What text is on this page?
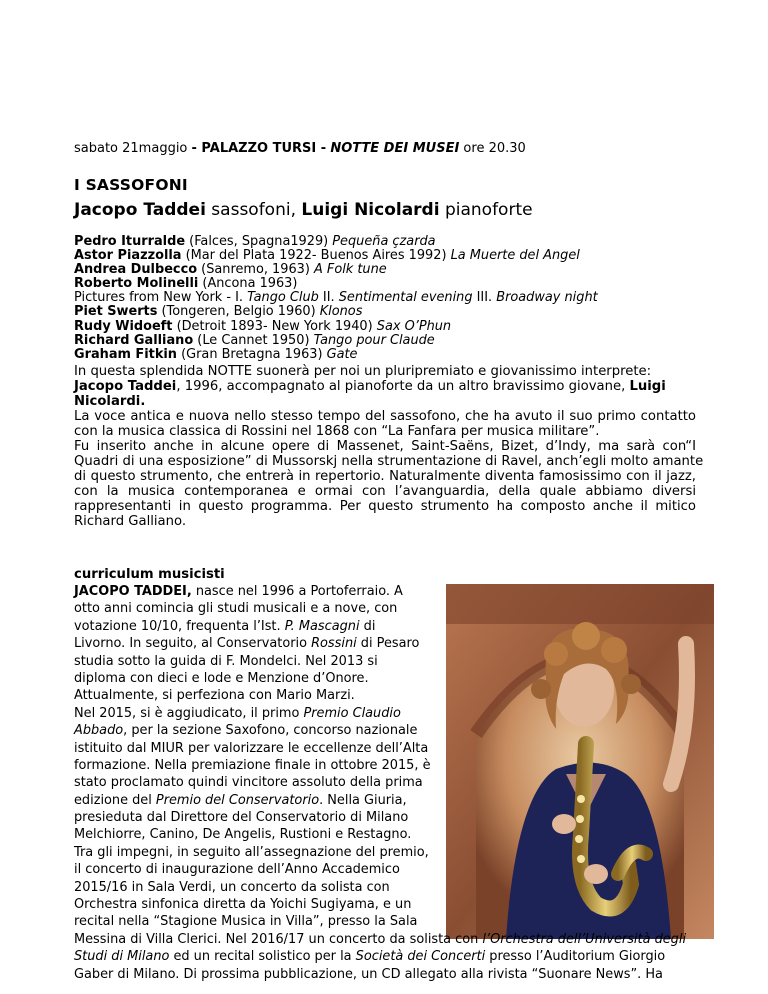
sabato 21maggio - PALAZZO TURSI - NOTTE DEI MUSEI ore 20.30
I SASSOFONI
Jacopo Taddei sassofoni, Luigi Nicolardi pianoforte
Pedro Iturralde (Falces, Spagna1929) Pequeña çzarda
Astor Piazzolla (Mar del Plata 1922- Buenos Aires 1992) La Muerte del Angel
Andrea Dulbecco (Sanremo, 1963) A Folk tune
Roberto Molinelli (Ancona 1963)
Pictures from New York - I. Tango Club II. Sentimental evening III. Broadway night
Piet Swerts (Tongeren, Belgio 1960) Klonos
Rudy Widoeft (Detroit 1893- New York 1940) Sax O’Phun
Richard Galliano (Le Cannet 1950) Tango pour Claude
Graham Fitkin (Gran Bretagna 1963) Gate
In questa splendida NOTTE suonerà per noi un pluripremiato e giovanissimo interprete:
Jacopo Taddei, 1996, accompagnato al pianoforte da un altro bravissimo giovane, Luigi
Nicolardi.
La voce antica e nuova nello stesso tempo del sassofono, che ha avuto il suo primo contatto
con la musica classica di Rossini nel 1868 con “La Fanfara per musica militare”.
Fu inserito anche in alcune opere di Massenet, Saint-Saëns, Bizet, d’Indy, ma sarà con“I
Quadri di una esposizione” di Mussorskj nella strumentazione di Ravel, anch’egli molto amante
di questo strumento, che entrerà in repertorio. Naturalmente diventa famosissimo con il jazz,
con la musica contemporanea e ormai con l’avanguardia, della quale abbiamo diversi
rappresentanti in questo programma. Per questo strumento ha composto anche il mitico
Richard Galliano.
curriculum musicisti
JACOPO TADDEI, nasce nel 1996 a Portoferraio. A
otto anni comincia gli studi musicali e a nove, con
votazione 10/10, frequenta l’Ist. P. Mascagni di
Livorno. In seguito, al Conservatorio Rossini di Pesaro
studia sotto la guida di F. Mondelci. Nel 2013 si
diploma con dieci e lode e Menzione d’Onore.
Attualmente, si perfeziona con Mario Marzi.
Nel 2015, si è aggiudicato, il primo Premio Claudio
Abbado, per la sezione Saxofono, concorso nazionale
istituito dal MIUR per valorizzare le eccellenze dell’Alta
formazione. Nella premiazione finale in ottobre 2015, è
stato proclamato quindi vincitore assoluto della prima
edizione del Premio del Conservatorio. Nella Giuria,
presieduta dal Direttore del Conservatorio di Milano
Melchiorre, Canino, De Angelis, Rustioni e Restagno.
Tra gli impegni, in seguito all’assegnazione del premio,
il concerto di inaugurazione dell’Anno Accademico
2015/16 in Sala Verdi, un concerto da solista con
Orchestra sinfonica diretta da Yoichi Sugiyama, e un
recital nella “Stagione Musica in Villa”, presso la Sala
Messina di Villa Clerici. Nel 2016/17 un concerto da solista con l’Orchestra dell’Università degli
Studi di Milano ed un recital solistico per la Società dei Concerti presso l’Auditorium Giorgio
Gaber di Milano. Di prossima pubblicazione, un CD allegato alla rivista “Suonare News”. Ha
